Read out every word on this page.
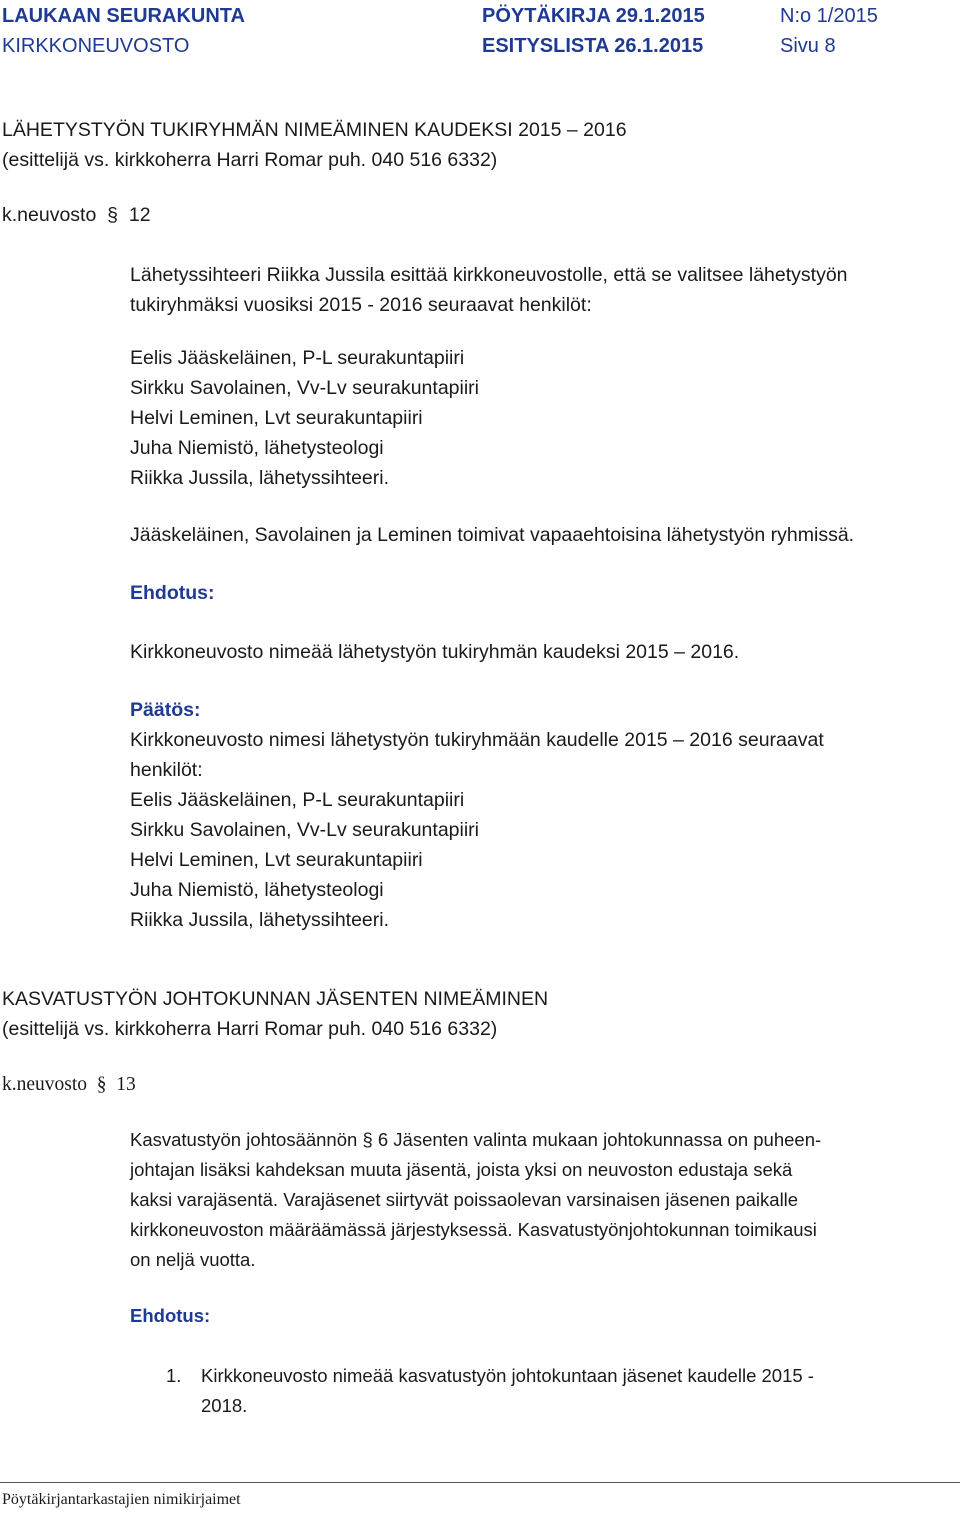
LAUKAAN SEURAKUNTA
KIRKKONEUVOSTO
PÖYTÄKIRJA 29.1.2015
ESITYSLISTA 26.1.2015
N:o 1/2015
Sivu 8
LÄHETYSTYÖN TUKIRYHMÄN NIMEÄMINEN KAUDEKSI 2015 – 2016
(esittelijä vs. kirkkoherra Harri Romar puh. 040 516 6332)
k.neuvosto  §  12
Lähetyssihteeri Riikka Jussila esittää kirkkoneuvostolle, että se valitsee lähetystyön
tukiryhmäksi vuosiksi 2015 - 2016 seuraavat henkilöt:
Eelis Jääskeläinen, P-L seurakuntapiiri
Sirkku Savolainen, Vv-Lv seurakuntapiiri
Helvi Leminen, Lvt seurakuntapiiri
Juha Niemistö, lähetysteologi
Riikka Jussila, lähetyssihteeri.
Jääskeläinen, Savolainen ja Leminen toimivat vapaaehtoisina lähetystyön ryhmissä.
Ehdotus:
Kirkkoneuvosto nimeää lähetystyön tukiryhmän kaudeksi 2015 – 2016.
Päätös:
Kirkkoneuvosto nimesi lähetystyön tukiryhmään kaudelle 2015 – 2016 seuraavat
henkilöt:
Eelis Jääskeläinen, P-L seurakuntapiiri
Sirkku Savolainen, Vv-Lv seurakuntapiiri
Helvi Leminen, Lvt seurakuntapiiri
Juha Niemistö, lähetysteologi
Riikka Jussila, lähetyssihteeri.
KASVATUSTYÖN JOHTOKUNNAN JÄSENTEN NIMEÄMINEN
(esittelijä vs. kirkkoherra Harri Romar puh. 040 516 6332)
k.neuvosto  §  13
Kasvatustyön johtosäännön § 6 Jäsenten valinta mukaan johtokunnassa on puheen-
johtajan lisäksi kahdeksan muuta jäsentä, joista yksi on neuvoston edustaja sekä
kaksi varajäsentä. Varajäsenet siirtyvät poissaolevan varsinaisen jäsenen paikalle
kirkkoneuvoston määräämässä järjestyksessä. Kasvatustyönjohtokunnan toimikausi
on neljä vuotta.
Ehdotus:
1. Kirkkoneuvosto nimeää kasvatustyön johtokuntaan jäsenet kaudelle 2015 -
2018.
Pöytäkirjantarkastajien nimikirjaimet
